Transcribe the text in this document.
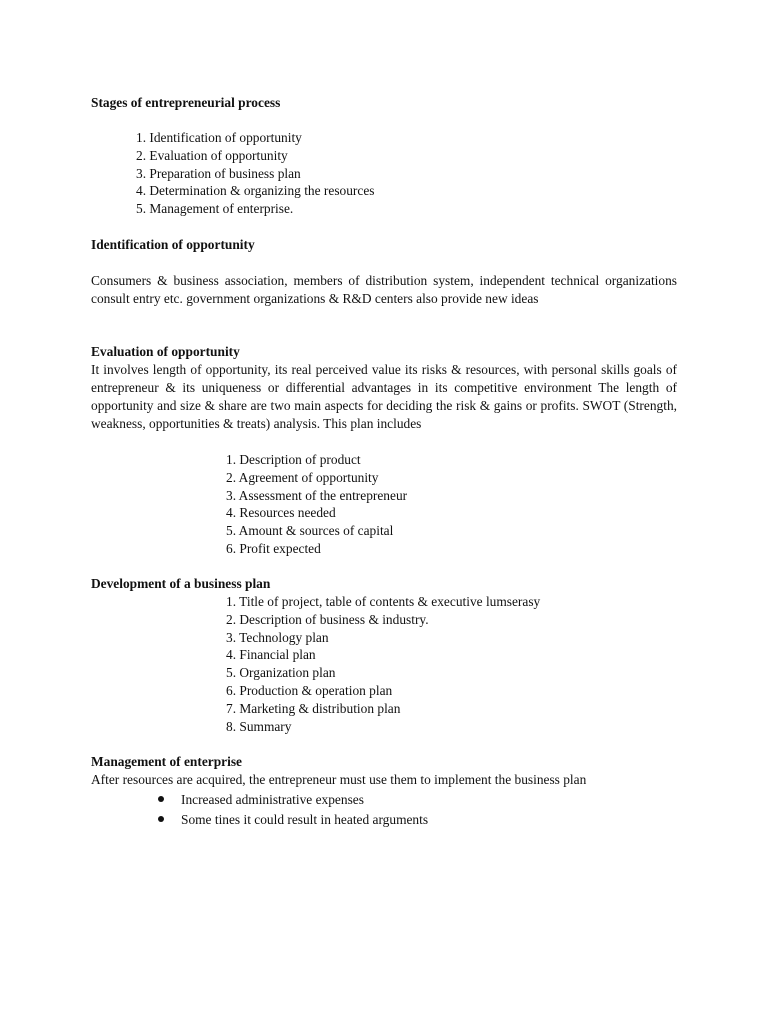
Stages of entrepreneurial process
1. Identification of opportunity
2. Evaluation of opportunity
3. Preparation of business plan
4. Determination & organizing the resources
5. Management of enterprise.
Identification of opportunity
Consumers & business association, members of distribution system, independent technical organizations consult entry etc. government organizations & R&D centers also provide new ideas
Evaluation of opportunity
It involves length of opportunity, its real perceived value its risks & resources, with personal skills goals of entrepreneur & its uniqueness or differential advantages in its competitive environment The length of opportunity and size & share are two main aspects for deciding the risk & gains or profits. SWOT (Strength, weakness, opportunities & treats) analysis. This plan includes
1. Description of product
2. Agreement of opportunity
3. Assessment of the entrepreneur
4. Resources needed
5. Amount & sources of capital
6. Profit expected
Development of a business plan
1. Title of project, table of contents & executive lumserasy
2. Description of business & industry.
3. Technology plan
4. Financial plan
5. Organization plan
6. Production & operation plan
7. Marketing & distribution plan
8. Summary
Management of enterprise
After resources are acquired, the entrepreneur must use them to implement the business plan
Increased administrative expenses
Some tines it could result in heated arguments
